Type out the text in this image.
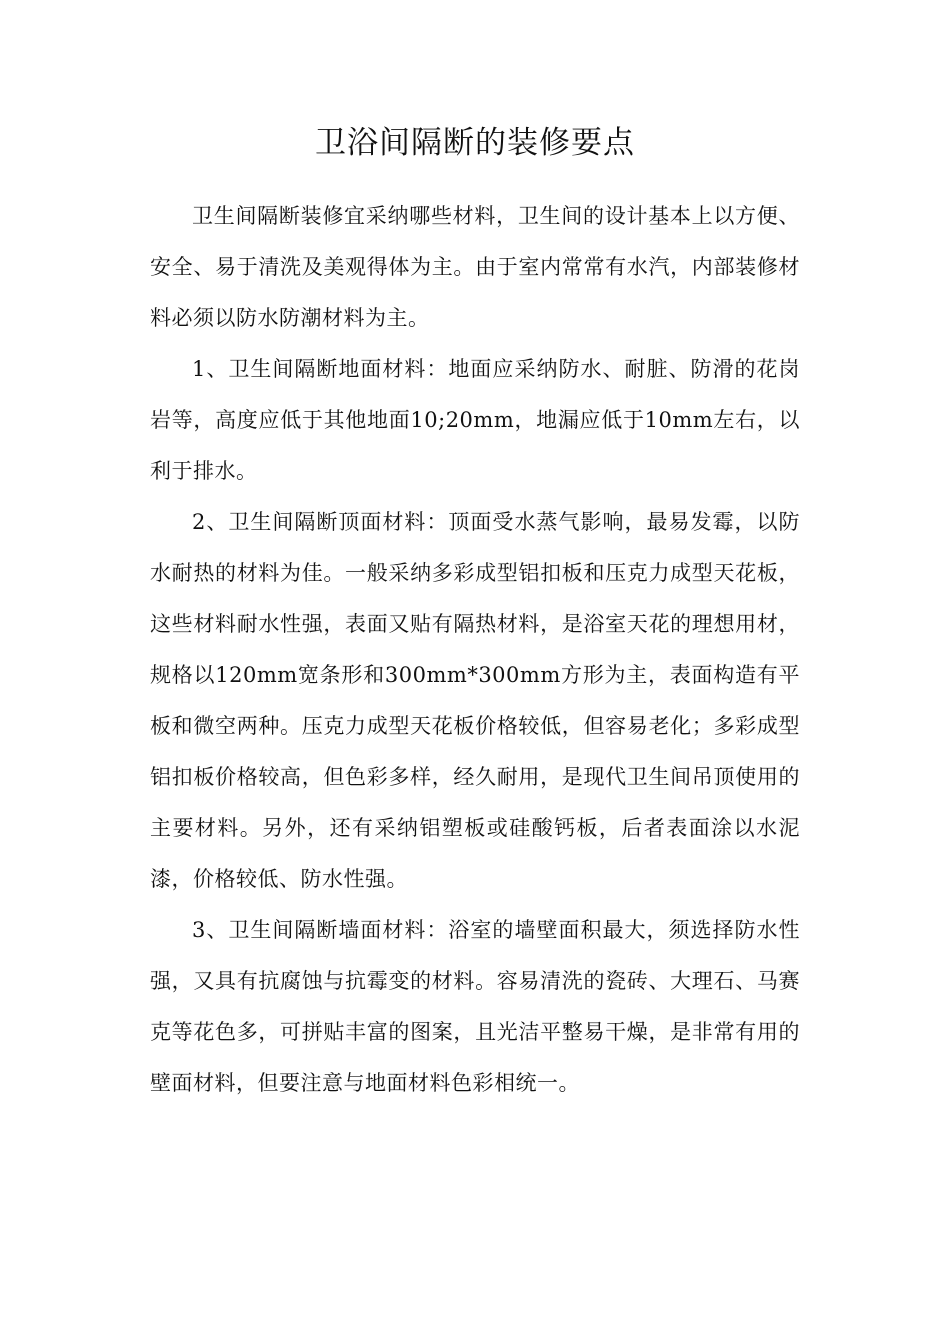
卫浴间隔断的装修要点

卫生间隔断装修宜采纳哪些材料，卫生间的设计基本上以方便、安全、易于清洗及美观得体为主。由于室内常常有水汽，内部装修材料必须以防水防潮材料为主。

1、卫生间隔断地面材料：地面应采纳防水、耐脏、防滑的花岗岩等，高度应低于其他地面10;20mm，地漏应低于10mm左右，以利于排水。

2、卫生间隔断顶面材料：顶面受水蒸气影响，最易发霉，以防水耐热的材料为佳。一般采纳多彩成型铝扣板和压克力成型天花板，这些材料耐水性强，表面又贴有隔热材料，是浴室天花的理想用材，规格以120mm宽条形和300mm*300mm方形为主，表面构造有平板和微空两种。压克力成型天花板价格较低，但容易老化；多彩成型铝扣板价格较高，但色彩多样，经久耐用，是现代卫生间吊顶使用的主要材料。另外，还有采纳铝塑板或硅酸钙板，后者表面涂以水泥漆，价格较低、防水性强。

3、卫生间隔断墙面材料：浴室的墙壁面积最大，须选择防水性强，又具有抗腐蚀与抗霉变的材料。容易清洗的瓷砖、大理石、马赛克等花色多，可拼贴丰富的图案，且光洁平整易干燥，是非常有用的壁面材料，但要注意与地面材料色彩相统一。
